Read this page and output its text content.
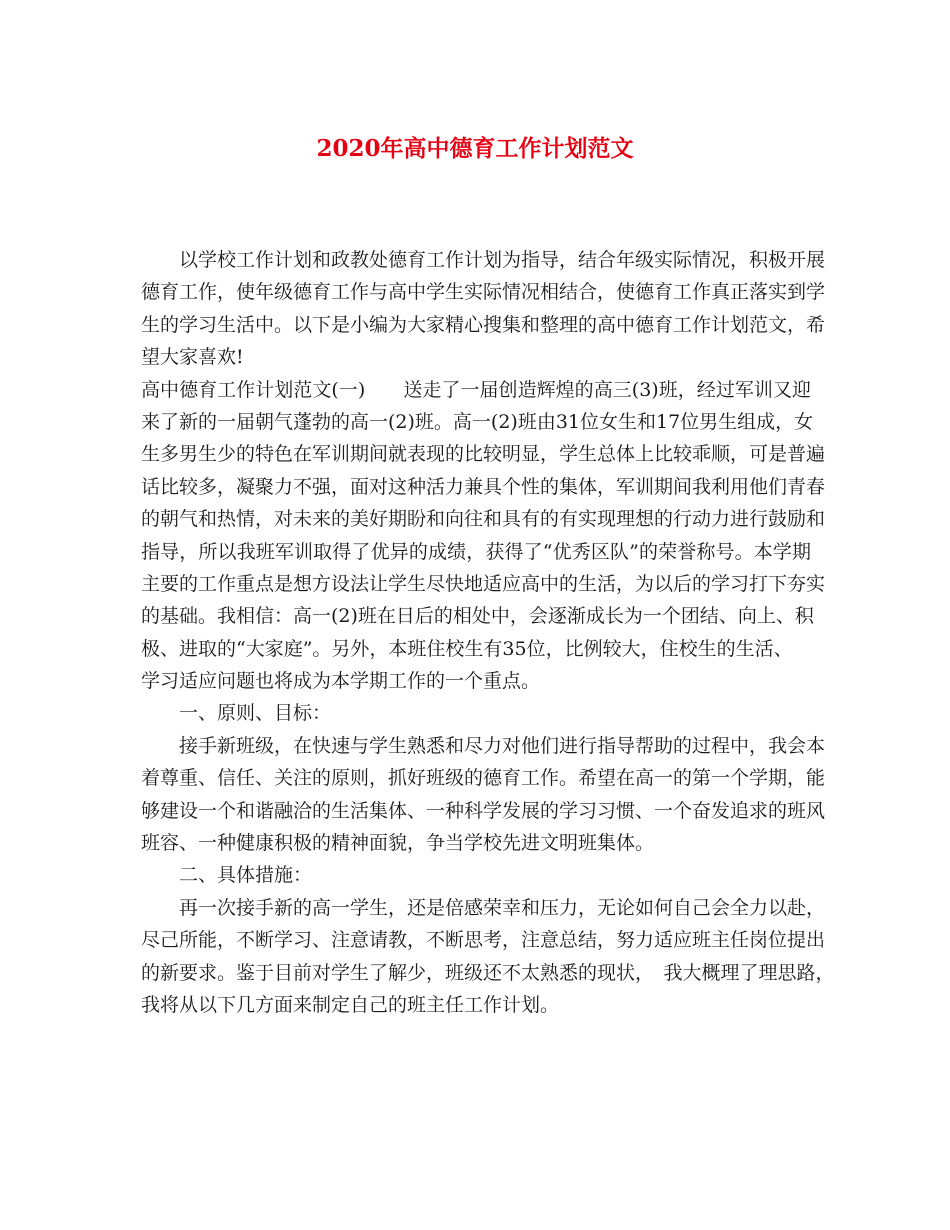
2020年高中德育工作计划范文
以学校工作计划和政教处德育工作计划为指导，结合年级实际情况，积极开展
德育工作，使年级德育工作与高中学生实际情况相结合，使德育工作真正落实到学
生的学习生活中。以下是小编为大家精心搜集和整理的高中德育工作计划范文，希
望大家喜欢!
高中德育工作计划范文(一)　　送走了一届创造辉煌的高三(3)班，经过军训又迎
来了新的一届朝气蓬勃的高一(2)班。高一(2)班由31位女生和17位男生组成，女
生多男生少的特色在军训期间就表现的比较明显，学生总体上比较乖顺，可是普遍
话比较多，凝聚力不强，面对这种活力兼具个性的集体，军训期间我利用他们青春
的朝气和热情，对未来的美好期盼和向往和具有的有实现理想的行动力进行鼓励和
指导，所以我班军训取得了优异的成绩，获得了“优秀区队”的荣誉称号。本学期
主要的工作重点是想方设法让学生尽快地适应高中的生活，为以后的学习打下夯实
的基础。我相信：高一(2)班在日后的相处中，会逐渐成长为一个团结、向上、积
极、进取的“大家庭”。另外，本班住校生有35位，比例较大，住校生的生活、
学习适应问题也将成为本学期工作的一个重点。
一、原则、目标：
接手新班级，在快速与学生熟悉和尽力对他们进行指导帮助的过程中，我会本
着尊重、信任、关注的原则，抓好班级的德育工作。希望在高一的第一个学期，能
够建设一个和谐融洽的生活集体、一种科学发展的学习习惯、一个奋发追求的班风
班容、一种健康积极的精神面貌，争当学校先进文明班集体。
二、具体措施：
再一次接手新的高一学生，还是倍感荣幸和压力，无论如何自己会全力以赴，
尽己所能，不断学习、注意请教，不断思考，注意总结，努力适应班主任岗位提出
的新要求。鉴于目前对学生了解少，班级还不太熟悉的现状，　我大概理了理思路，
我将从以下几方面来制定自己的班主任工作计划。
